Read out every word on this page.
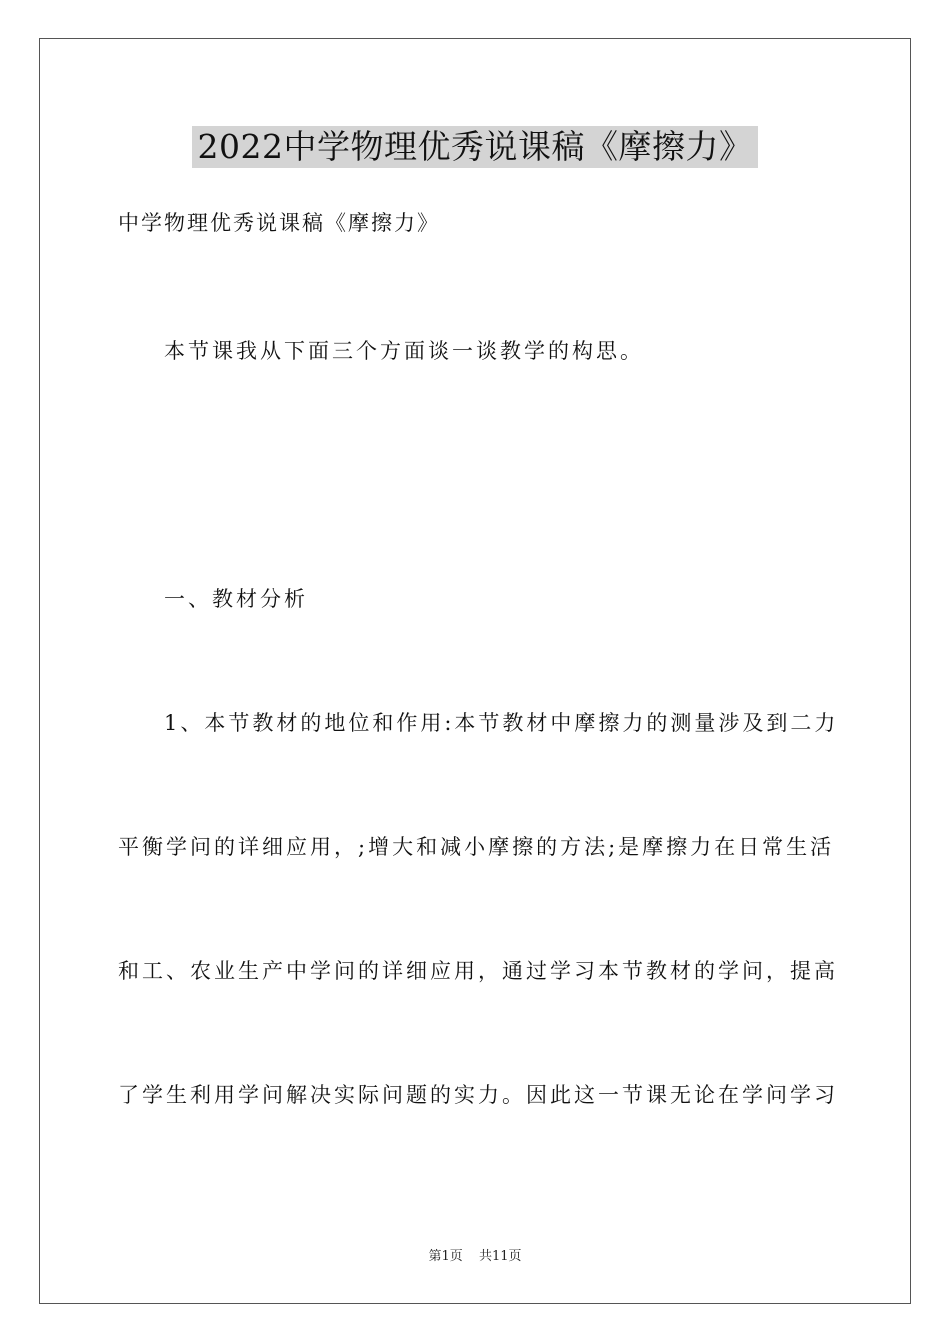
2022中学物理优秀说课稿《摩擦力》
中学物理优秀说课稿《摩擦力》
本节课我从下面三个方面谈一谈教学的构思。
一、教材分析
1、本节教材的地位和作用:本节教材中摩擦力的测量涉及到二力
平衡学问的详细应用，;增大和减小摩擦的方法;是摩擦力在日常生活
和工、农业生产中学问的详细应用，通过学习本节教材的学问，提高
了学生利用学问解决实际问题的实力。因此这一节课无论在学问学习
第1页 共11页
